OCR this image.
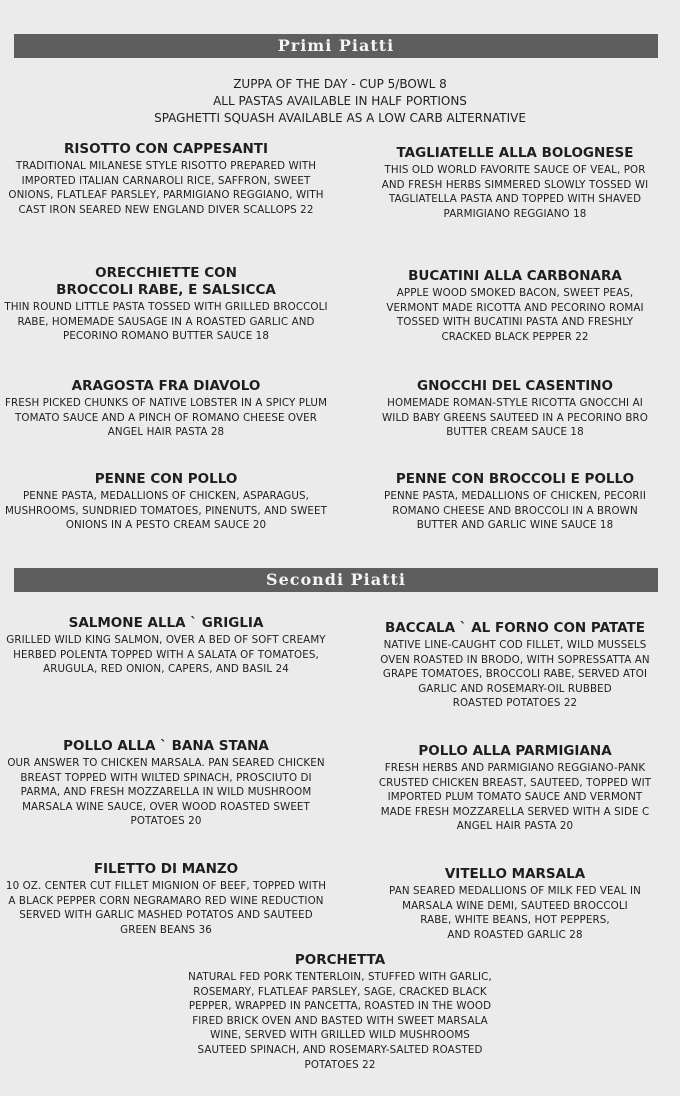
Primi Piatti
ZUPPA OF THE DAY - CUP 5/BOWL 8
ALL PASTAS AVAILABLE IN HALF PORTIONS
SPAGHETTI SQUASH AVAILABLE AS A LOW CARB ALTERNATIVE
RISOTTO CON CAPPESANTI
TRADITIONAL MILANESE STYLE RISOTTO PREPARED WITH IMPORTED ITALIAN CARNAROLI RICE, SAFFRON, SWEET ONIONS, FLATLEAF PARSLEY, PARMIGIANO REGGIANO, WITH CAST IRON SEARED NEW ENGLAND DIVER SCALLOPS 22
TAGLIATELLE ALLA BOLOGNESE
THIS OLD WORLD FAVORITE SAUCE OF VEAL, POR
AND FRESH HERBS SIMMERED SLOWLY TOSSED WI
TAGLIATELLA PASTA AND TOPPED WITH SHAVED
PARMIGIANO REGGIANO 18
ORECCHIETTE CON
BROCCOLI RABE, E SALSICCA
THIN ROUND LITTLE PASTA TOSSED WITH GRILLED BROCCOLI RABE, HOMEMADE SAUSAGE IN A ROASTED GARLIC AND PECORINO ROMANO BUTTER SAUCE 18
BUCATINI ALLA CARBONARA
APPLE WOOD SMOKED BACON, SWEET PEAS,
VERMONT MADE RICOTTA AND PECORINO ROMAI
TOSSED WITH BUCATINI PASTA AND FRESHLY
CRACKED BLACK PEPPER 22
ARAGOSTA FRA DIAVOLO
FRESH PICKED CHUNKS OF NATIVE LOBSTER IN A SPICY PLUM TOMATO SAUCE AND A PINCH OF ROMANO CHEESE OVER ANGEL HAIR PASTA 28
GNOCCHI DEL CASENTINO
HOMEMADE ROMAN-STYLE RICOTTA GNOCCHI AI
WILD BABY GREENS SAUTEED IN A PECORINO BRO
BUTTER CREAM SAUCE 18
PENNE CON POLLO
PENNE PASTA, MEDALLIONS OF CHICKEN, ASPARAGUS, MUSHROOMS, SUNDRIED TOMATOES, PINENUTS, AND SWEET ONIONS IN A PESTO CREAM SAUCE 20
PENNE CON BROCCOLI E POLLO
PENNE PASTA, MEDALLIONS OF CHICKEN, PECORII
ROMANO CHEESE AND BROCCOLI IN A BROWN
BUTTER AND GARLIC WINE SAUCE 18
Secondi Piatti
SALMONE ALLA ` GRIGLIA
GRILLED WILD KING SALMON, OVER A BED OF SOFT CREAMY HERBED POLENTA TOPPED WITH A SALATA OF TOMATOES, ARUGULA, RED ONION, CAPERS, AND BASIL 24
BACCALA ` AL FORNO CON PATATE
NATIVE LINE-CAUGHT COD FILLET, WILD MUSSELS
OVEN ROASTED IN BRODO, WITH SOPRESSATTA AN
GRAPE TOMATOES, BROCCOLI RABE, SERVED ATOI
GARLIC AND ROSEMARY-OIL RUBBED
ROASTED POTATOES 22
POLLO ALLA ` BANA STANA
OUR ANSWER TO CHICKEN MARSALA. PAN SEARED CHICKEN BREAST TOPPED WITH WILTED SPINACH, PROSCIUTO DI PARMA, AND FRESH MOZZARELLA IN WILD MUSHROOM MARSALA WINE SAUCE, OVER WOOD ROASTED SWEET POTATOES 20
POLLO ALLA PARMIGIANA
FRESH HERBS AND PARMIGIANO REGGIANO-PANK
CRUSTED CHICKEN BREAST, SAUTEED, TOPPED WIT
IMPORTED PLUM TOMATO SAUCE AND VERMONT
MADE FRESH MOZZARELLA SERVED WITH A SIDE C
ANGEL HAIR PASTA 20
FILETTO DI MANZO
10 OZ. CENTER CUT FILLET MIGNION OF BEEF, TOPPED WITH A BLACK PEPPER CORN NEGRAMARO RED WINE REDUCTION SERVED WITH GARLIC MASHED POTATOS AND SAUTEED GREEN BEANS 36
VITELLO MARSALA
PAN SEARED MEDALLIONS OF MILK FED VEAL IN
MARSALA WINE DEMI, SAUTEED BROCCOLI
RABE, WHITE BEANS, HOT PEPPERS,
AND ROASTED GARLIC 28
PORCHETTA
NATURAL FED PORK TENTERLOIN, STUFFED WITH GARLIC, ROSEMARY, FLATLEAF PARSLEY, SAGE, CRACKED BLACK PEPPER, WRAPPED IN PANCETTA, ROASTED IN THE WOOD FIRED BRICK OVEN AND BASTED WITH SWEET MARSALA WINE, SERVED WITH GRILLED WILD MUSHROOMS SAUTEED SPINACH, AND ROSEMARY-SALTED ROASTED POTATOES 22
